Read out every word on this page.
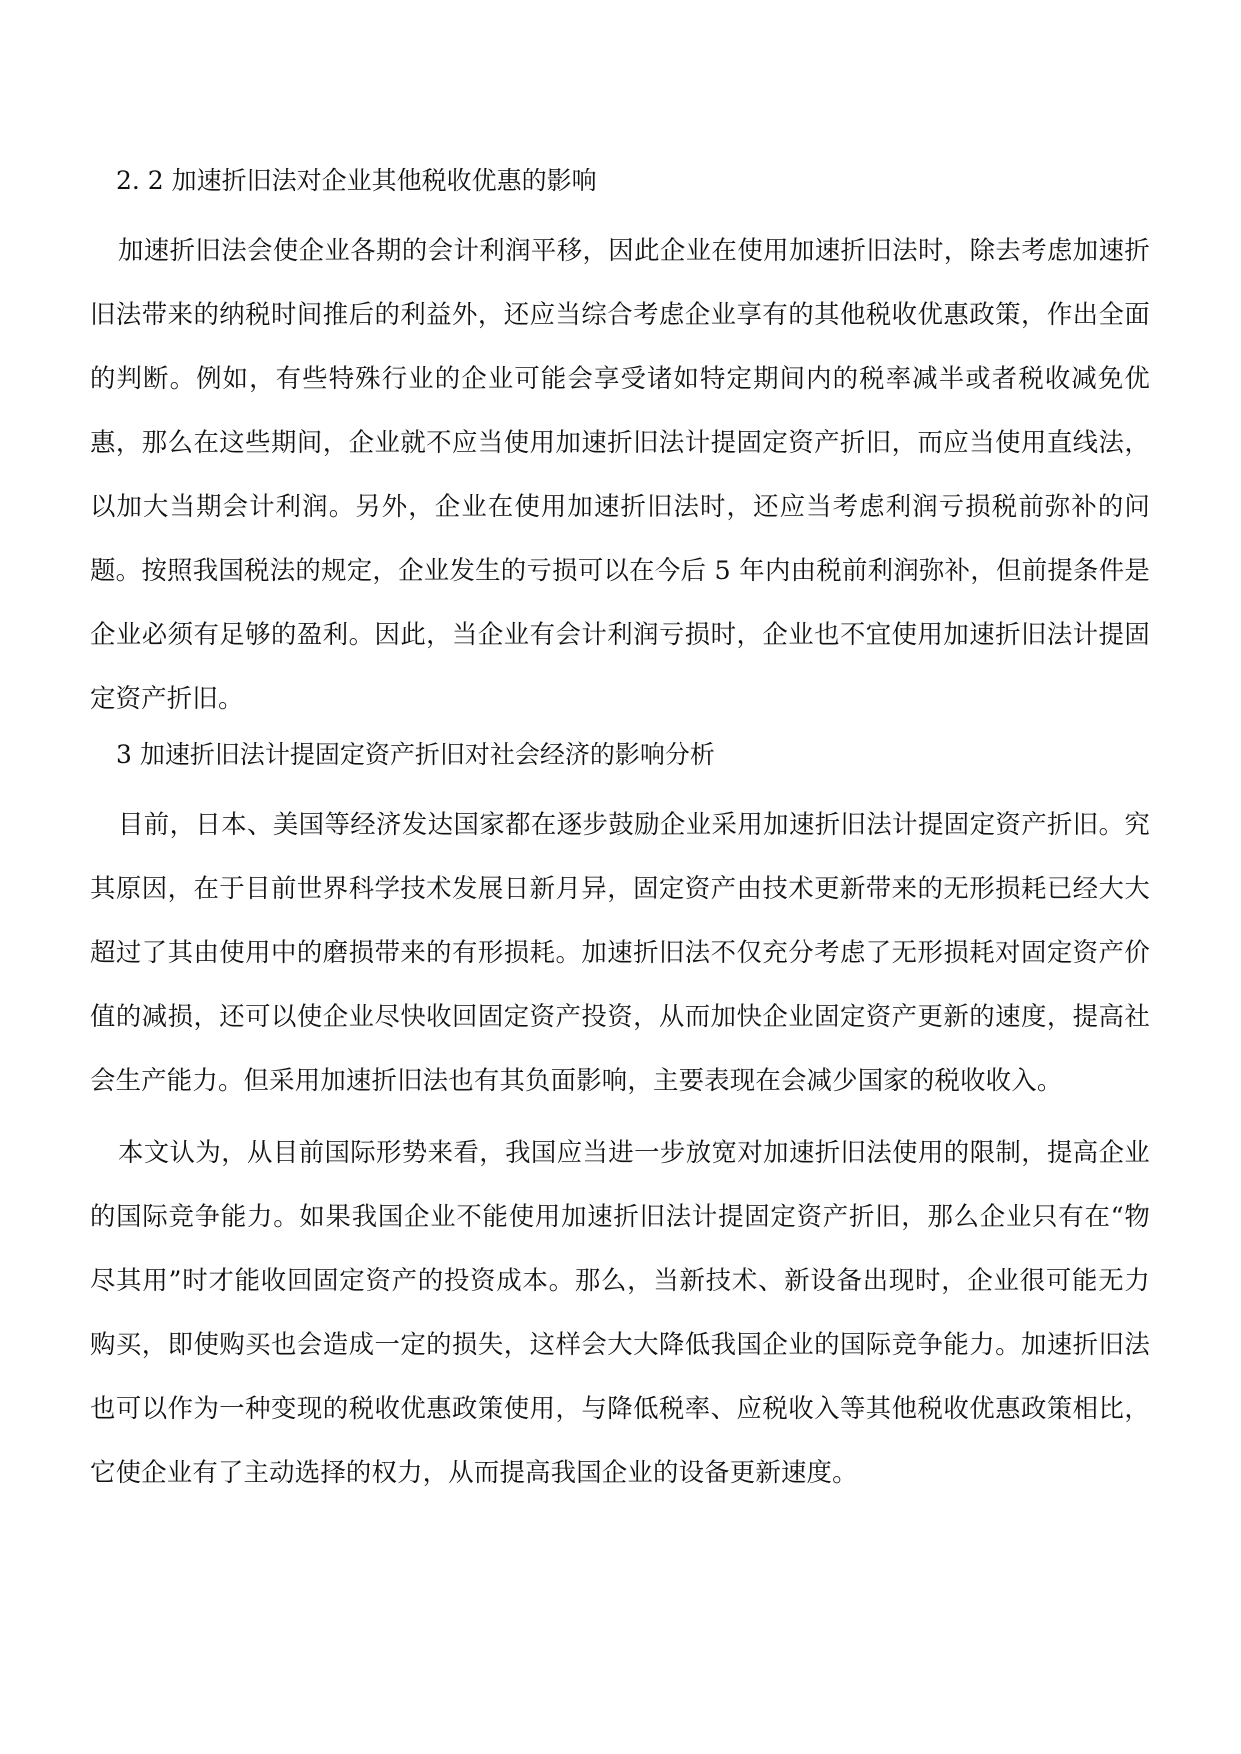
2. 2 加速折旧法对企业其他税收优惠的影响

加速折旧法会使企业各期的会计利润平移，因此企业在使用加速折旧法时，除去考虑加速折旧法带来的纳税时间推后的利益外，还应当综合考虑企业享有的其他税收优惠政策，作出全面的判断。例如，有些特殊行业的企业可能会享受诸如特定期间内的税率减半或者税收减免优惠，那么在这些期间，企业就不应当使用加速折旧法计提固定资产折旧，而应当使用直线法，以加大当期会计利润。另外，企业在使用加速折旧法时，还应当考虑利润亏损税前弥补的问题。按照我国税法的规定，企业发生的亏损可以在今后 5 年内由税前利润弥补，但前提条件是企业必须有足够的盈利。因此，当企业有会计利润亏损时，企业也不宜使用加速折旧法计提固定资产折旧。

3 加速折旧法计提固定资产折旧对社会经济的影响分析

目前，日本、美国等经济发达国家都在逐步鼓励企业采用加速折旧法计提固定资产折旧。究其原因，在于目前世界科学技术发展日新月异，固定资产由技术更新带来的无形损耗已经大大超过了其由使用中的磨损带来的有形损耗。加速折旧法不仅充分考虑了无形损耗对固定资产价值的减损，还可以使企业尽快收回固定资产投资，从而加快企业固定资产更新的速度，提高社会生产能力。但采用加速折旧法也有其负面影响，主要表现在会减少国家的税收收入。

本文认为，从目前国际形势来看，我国应当进一步放宽对加速折旧法使用的限制，提高企业的国际竞争能力。如果我国企业不能使用加速折旧法计提固定资产折旧，那么企业只有在“物尽其用”时才能收回固定资产的投资成本。那么，当新技术、新设备出现时，企业很可能无力购买，即使购买也会造成一定的损失，这样会大大降低我国企业的国际竞争能力。加速折旧法也可以作为一种变现的税收优惠政策使用，与降低税率、应税收入等其他税收优惠政策相比，它使企业有了主动选择的权力，从而提高我国企业的设备更新速度。
